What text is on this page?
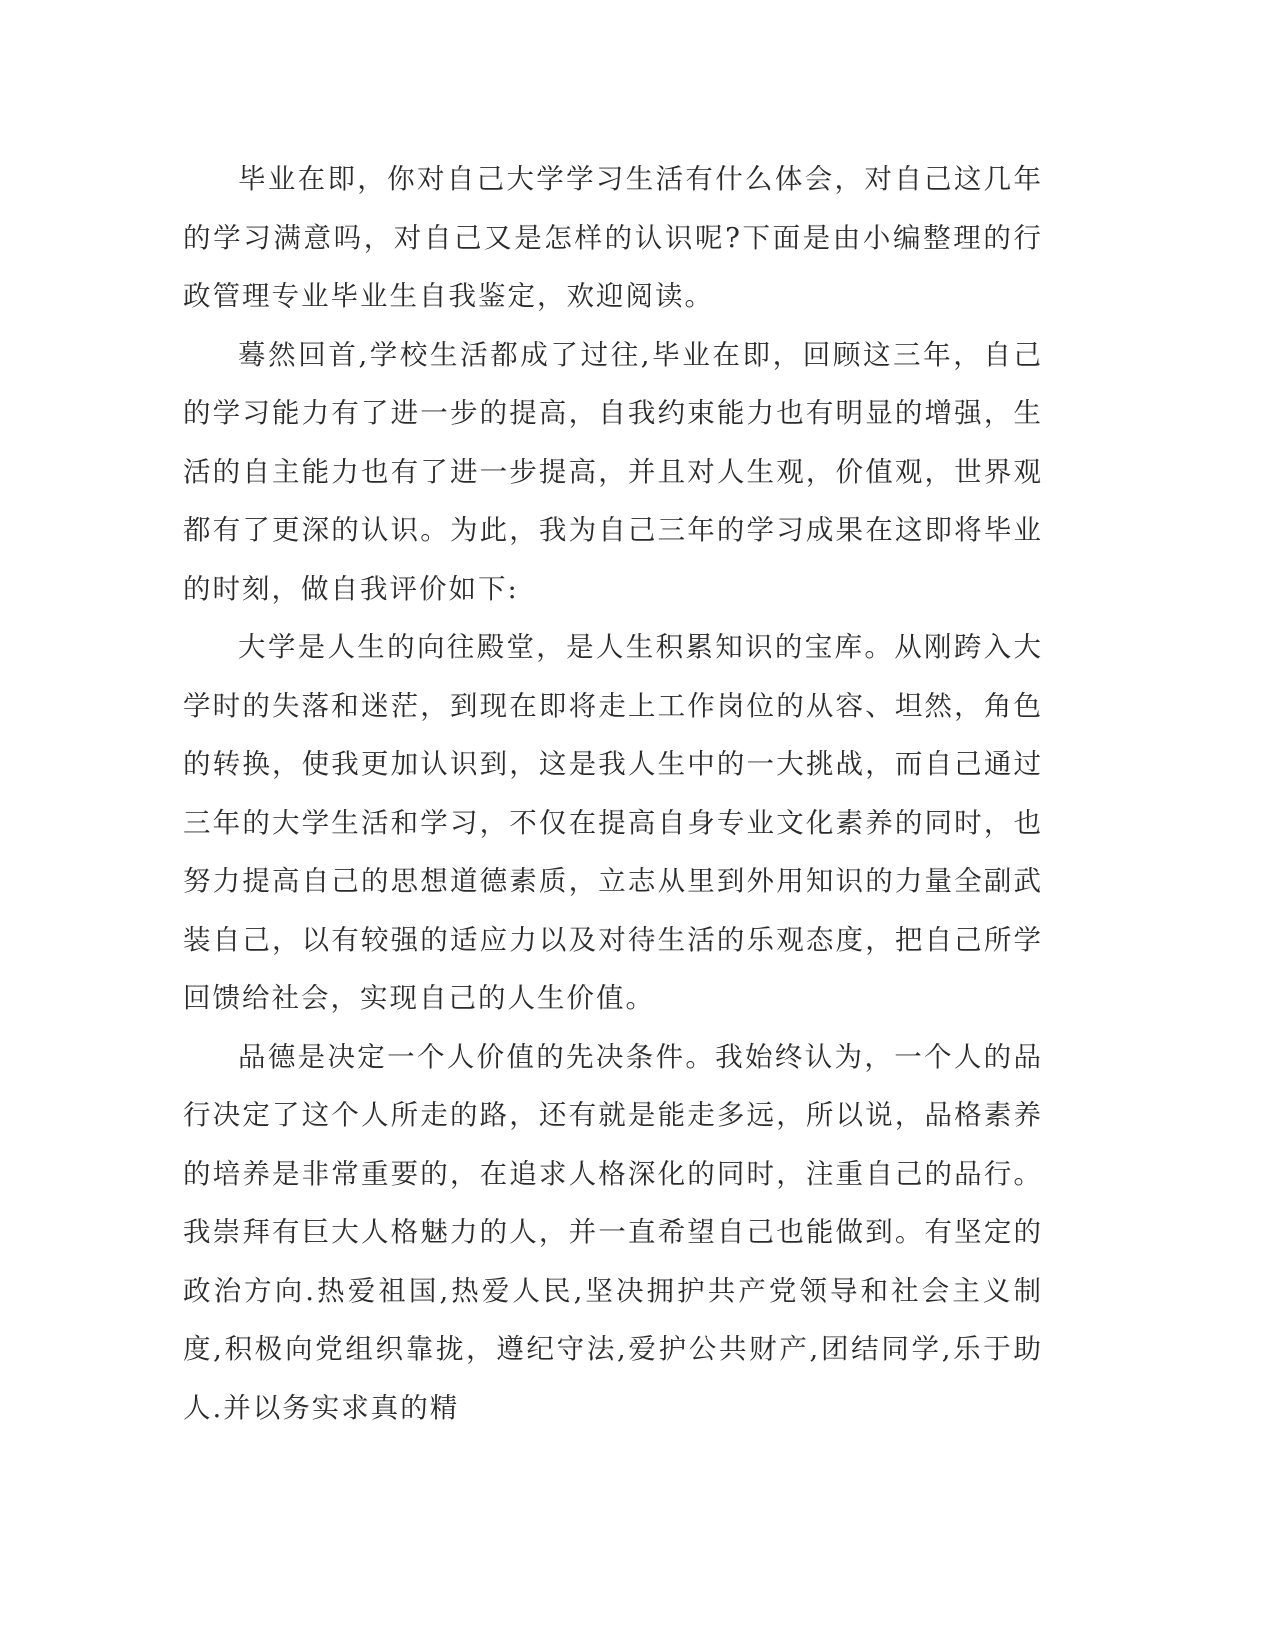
毕业在即，你对自己大学学习生活有什么体会，对自己这几年的学习满意吗，对自己又是怎样的认识呢?下面是由小编整理的行政管理专业毕业生自我鉴定，欢迎阅读。

蓦然回首,学校生活都成了过往,毕业在即，回顾这三年，自己的学习能力有了进一步的提高，自我约束能力也有明显的增强，生活的自主能力也有了进一步提高，并且对人生观，价值观，世界观都有了更深的认识。为此，我为自己三年的学习成果在这即将毕业的时刻，做自我评价如下:

大学是人生的向往殿堂，是人生积累知识的宝库。从刚跨入大学时的失落和迷茫，到现在即将走上工作岗位的从容、坦然，角色的转换，使我更加认识到，这是我人生中的一大挑战，而自己通过三年的大学生活和学习，不仅在提高自身专业文化素养的同时，也努力提高自己的思想道德素质，立志从里到外用知识的力量全副武装自己，以有较强的适应力以及对待生活的乐观态度，把自己所学回馈给社会，实现自己的人生价值。

品德是决定一个人价值的先决条件。我始终认为，一个人的品行决定了这个人所走的路，还有就是能走多远，所以说，品格素养的培养是非常重要的，在追求人格深化的同时，注重自己的品行。我崇拜有巨大人格魅力的人，并一直希望自己也能做到。有坚定的政治方向.热爱祖国,热爱人民,坚决拥护共产党领导和社会主义制度,积极向党组织靠拢，遵纪守法,爱护公共财产,团结同学,乐于助人.并以务实求真的精
